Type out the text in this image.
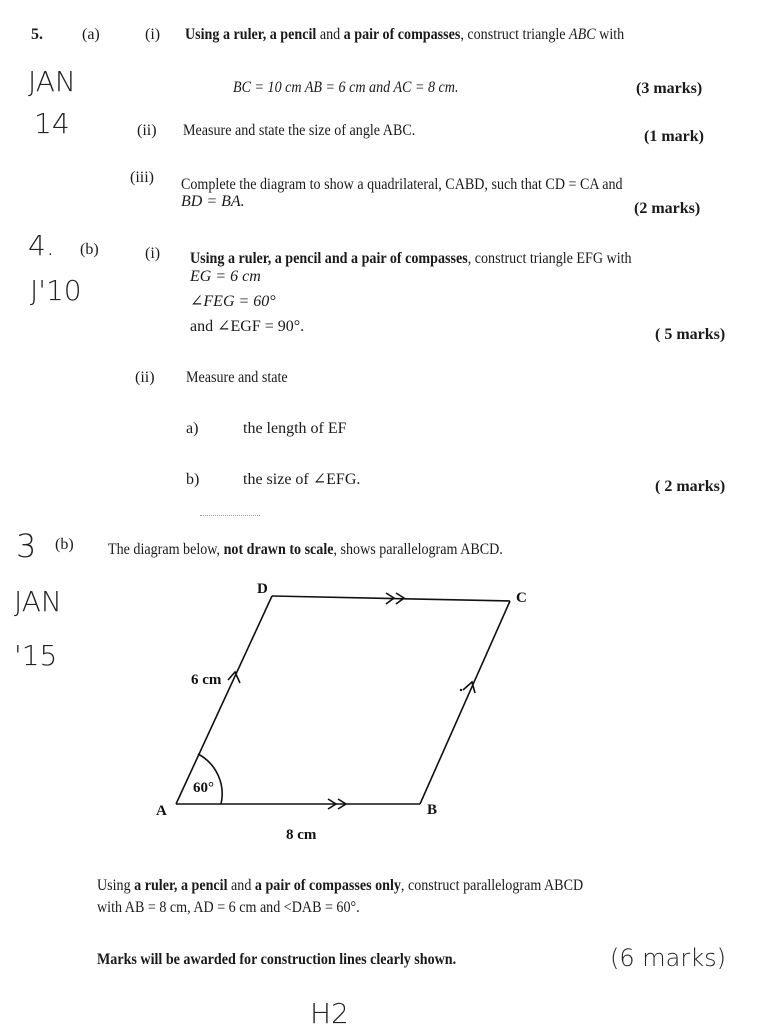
5. (a)	(i) Using a ruler, a pencil and a pair of compasses, construct triangle ABC with
JAN
14
BC = 10 cm AB = 6 cm and AC = 8 cm.	(3 marks)
(ii) Measure and state the size of angle ABC.	(1 mark)
(iii) Complete the diagram to show a quadrilateral, CABD, such that CD = CA and
BD = BA.	(2 marks)
4. (b)	(i) Using a ruler, a pencil and a pair of compasses, construct triangle EFG with
J'10	EG = 6 cm
∠FEG = 60°
and ∠EGF = 90°.	( 5 marks)
(ii) Measure and state
a)	the length of EF
b)	the size of ∠EFG.	( 2 marks)
3 (b) The diagram below, not drawn to scale, shows parallelogram ABCD.
JAN
'15
D
C
A	B
6 cm
8 cm
60°
Using a ruler, a pencil and a pair of compasses only, construct parallelogram ABCD
with AB = 8 cm, AD = 6 cm and <DAB = 60°.
Marks will be awarded for construction lines clearly shown.	(6 marks)
H2
